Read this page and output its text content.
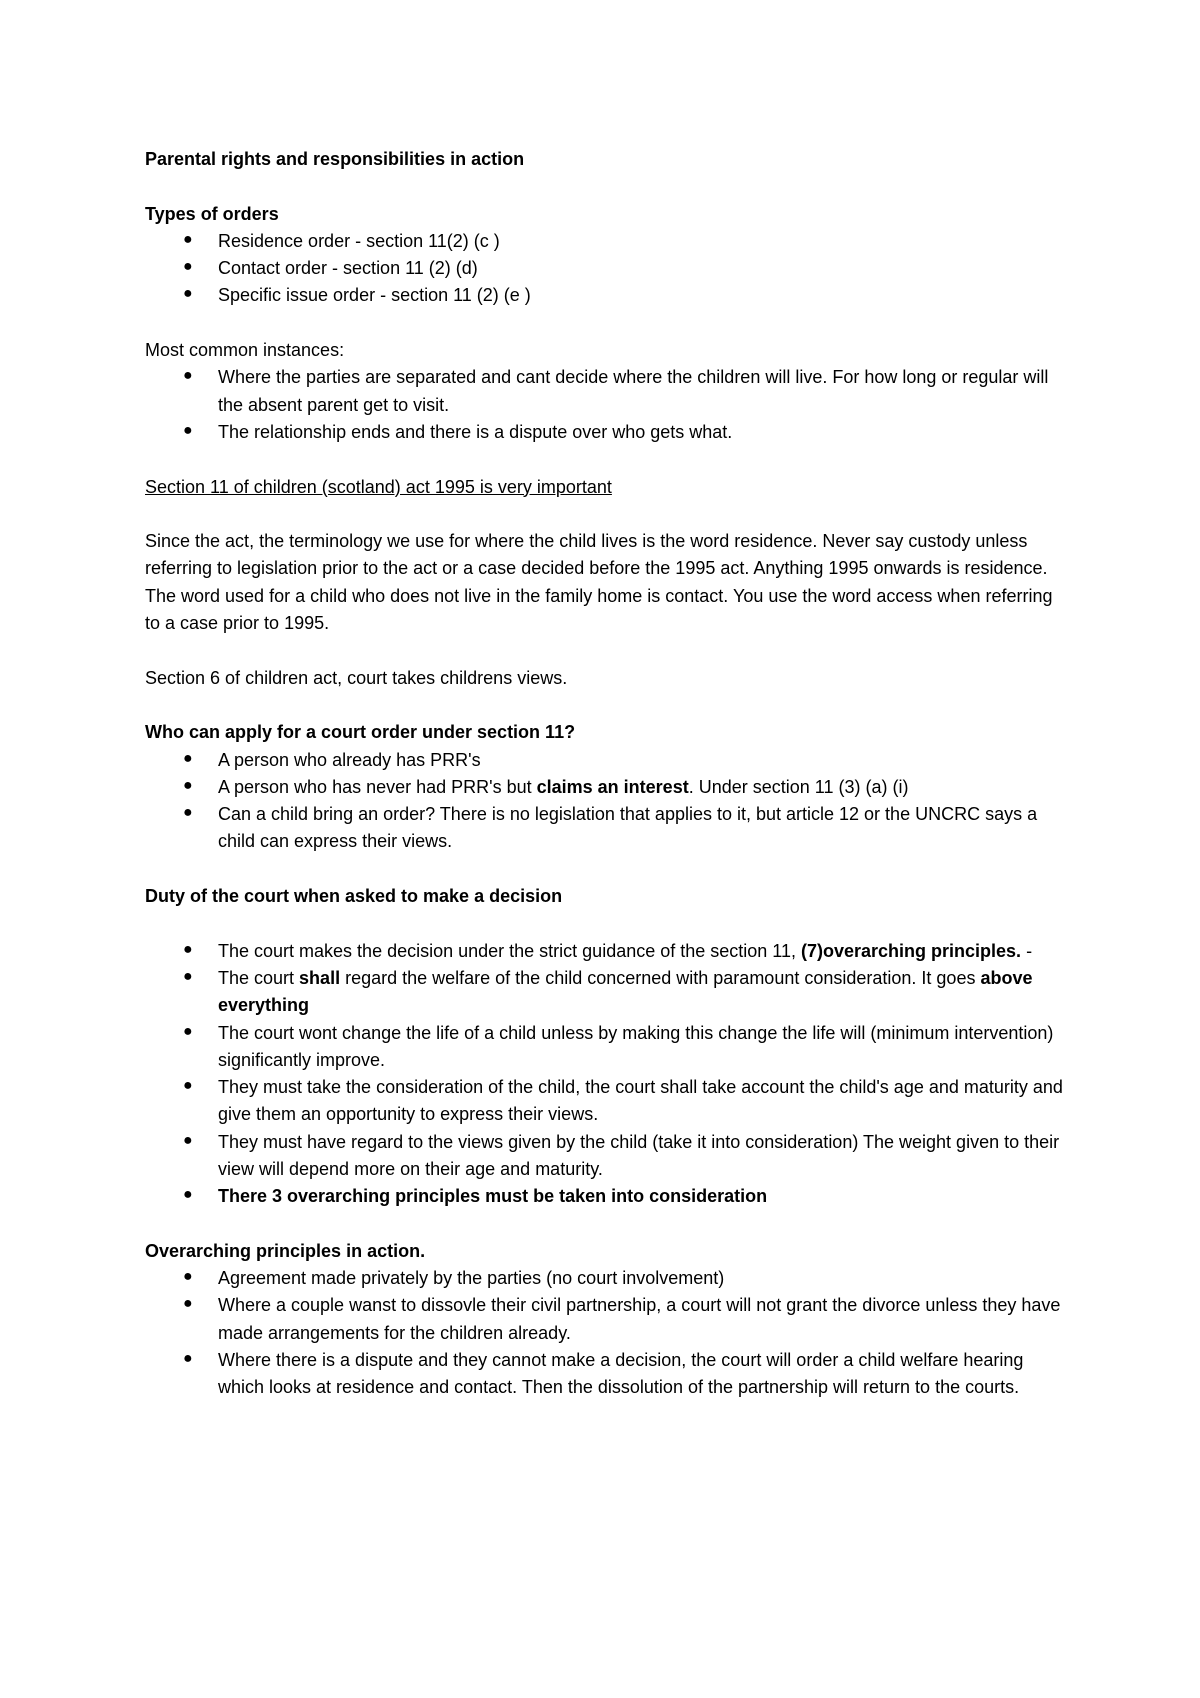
Parental rights and responsibilities in action

Types of orders

● Residence order - section 11(2) (c )
● Contact order - section 11 (2) (d)
● Specific issue order - section 11 (2) (e )

Most common instances:

● Where the parties are separated and cant decide where the children will live. For how long or regular will the absent parent get to visit.
● The relationship ends and there is a dispute over who gets what.

Section 11 of children (scotland) act 1995 is very important

Since the act, the terminology we use for where the child lives is the word residence. Never say custody unless referring to legislation prior to the act or a case decided before the 1995 act. Anything 1995 onwards is residence.

The word used for a child who does not live in the family home is contact. You use the word access when referring to a case prior to 1995.

Section 6 of children act, court takes childrens views.

Who can apply for a court order under section 11?

● A person who already has PRR's
● A person who has never had PRR's but claims an interest. Under section 11 (3) (a) (i)
● Can a child bring an order? There is no legislation that applies to it, but article 12 or the UNCRC says a child can express their views.

Duty of the court when asked to make a decision

● The court makes the decision under the strict guidance of the section 11, (7)overarching principles. -
● The court shall regard the welfare of the child concerned with paramount consideration. It goes above everything
● The court wont change the life of a child unless by making this change the life will (minimum intervention) significantly improve.
● They must take the consideration of the child, the court shall take account the child's age and maturity and give them an opportunity to express their views.
● They must have regard to the views given by the child (take it into consideration) The weight given to their view will depend more on their age and maturity.
● There 3 overarching principles must be taken into consideration

Overarching principles in action.

● Agreement made privately by the parties (no court involvement)
● Where a couple wanst to dissovle their civil partnership, a court will not grant the divorce unless they have made arrangements for the children already.
● Where there is a dispute and they cannot make a decision, the court will order a child welfare hearing which looks at residence and contact. Then the dissolution of the partnership will return to the courts.
